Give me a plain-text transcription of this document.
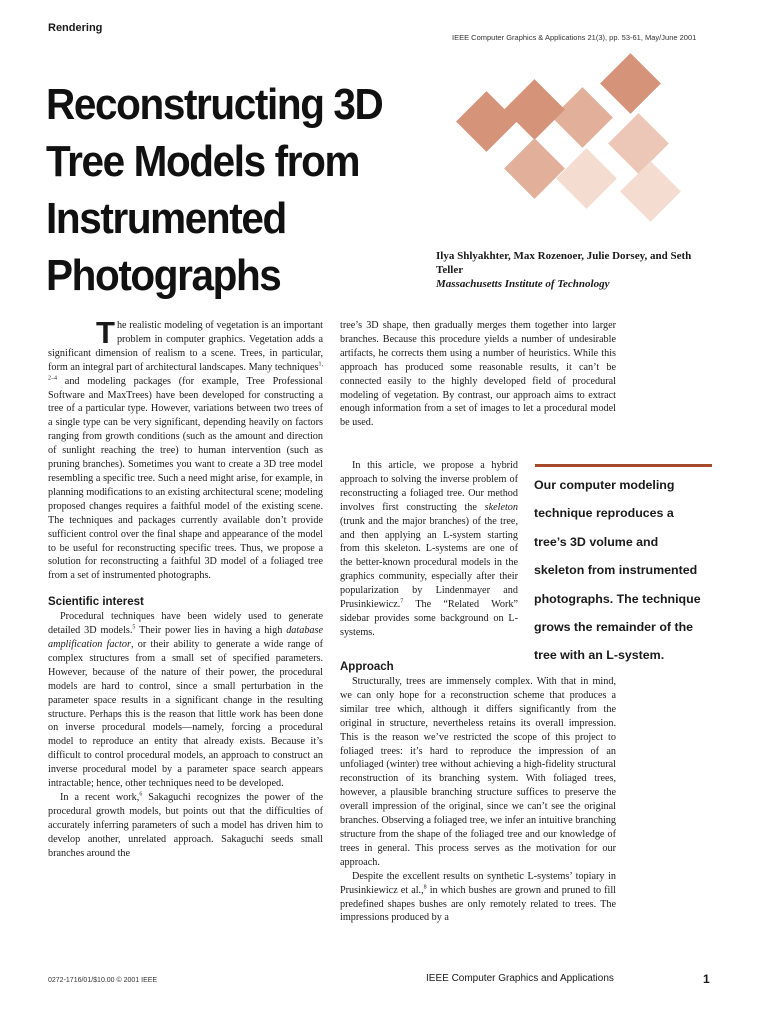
Rendering
IEEE Computer Graphics & Applications 21(3), pp. 53-61, May/June 2001
Reconstructing 3D
Tree Models from
Instrumented
Photographs	Ilya Shlyakhter, Max Rozenoer, Julie Dorsey, and Seth Teller
Massachusetts Institute of Technology

The realistic modeling of vegetation is an important problem in computer graphics. Vegetation adds a significant dimension of realism to a scene. Trees, in particular, form an integral part of architectural landscapes. Many techniques$^{1, 2-4}$ and modeling packages (for example, Tree Professional Software and MaxTrees) have been developed for constructing a tree of a particular type. However, variations between two trees of a single type can be very significant, depending heavily on factors ranging from growth conditions (such as the amount and direction of sunlight reaching the tree) to human intervention (such as pruning branches). Sometimes you want to create a 3D tree model resembling a specific tree. Such a need might arise, for example, in planning modifications to an existing architectural scene; modeling proposed changes requires a faithful model of the existing scene. The techniques and packages currently available don’t provide sufficient control over the final shape and appearance of the model to be useful for reconstructing specific trees. Thus, we propose a solution for reconstructing a faithful 3D model of a foliaged tree from a set of instrumented photographs.

Scientific interest

Procedural techniques have been widely used to generate detailed 3D models.$^5$ Their power lies in having a high database amplification factor, or their ability to generate a wide range of complex structures from a small set of specified parameters. However, because of the nature of their power, the procedural models are hard to control, since a small perturbation in the parameter space results in a significant change in the resulting structure. Perhaps this is the reason that little work has been done on inverse procedural models—namely, forcing a procedural model to reproduce an entity that already exists. Because it’s difficult to control procedural models, an approach to construct an inverse procedural model by a parameter space search appears intractable; hence, other techniques need to be developed.

In a recent work,$^6$ Sakaguchi recognizes the power of the procedural growth models, but points out that the difficulties of accurately inferring parameters of such a model has driven him to develop another, unrelated approach. Sakaguchi seeds small branches around the

tree’s 3D shape, then gradually merges them together into larger branches. Because this procedure yields a number of undesirable artifacts, he corrects them using a number of heuristics. While this approach has produced some reasonable results, it can’t be connected easily to the highly developed field of procedural modeling of vegetation. By contrast, our approach aims to extract enough information from a set of images to let a procedural model be used.

In this article, we propose a hybrid approach to solving the inverse problem of reconstructing a foliaged tree. Our method involves first constructing the skeleton (trunk and the major branches) of the tree, and then applying an L-system starting from this skeleton. L-systems are one of the better-known procedural models in the graphics community, especially after their popularization by Lindenmayer and Prusinkiewicz.$^7$ The “Related Work” sidebar provides some background on L-systems.

Approach

Structurally, trees are immensely complex. With that in mind, we can only hope for a reconstruction scheme that produces a similar tree which, although it differs significantly from the original in structure, nevertheless retains its overall impression. This is the reason we’ve restricted the scope of this project to foliaged trees: it’s hard to reproduce the impression of an unfoliaged (winter) tree without achieving a high-fidelity structural reconstruction of its branching system. With foliaged trees, however, a plausible branching structure suffices to preserve the overall impression of the original, since we can’t see the original branches. Observing a foliaged tree, we infer an intuitive branching structure from the shape of the foliaged tree and our knowledge of trees in general. This process serves as the motivation for our approach.

Despite the excellent results on synthetic L-systems’ topiary in Prusinkiewicz et al.,$^8$ in which bushes are grown and pruned to fill predefined shapes bushes are only remotely related to trees. The impressions produced by a

Our computer modeling
technique reproduces a
tree’s 3D volume and
skeleton from instrumented
photographs. The technique
grows the remainder of the
tree with an L-system.
0272-1716/01/$10.00 © 2001 IEEE	IEEE Computer Graphics and Applications	1
